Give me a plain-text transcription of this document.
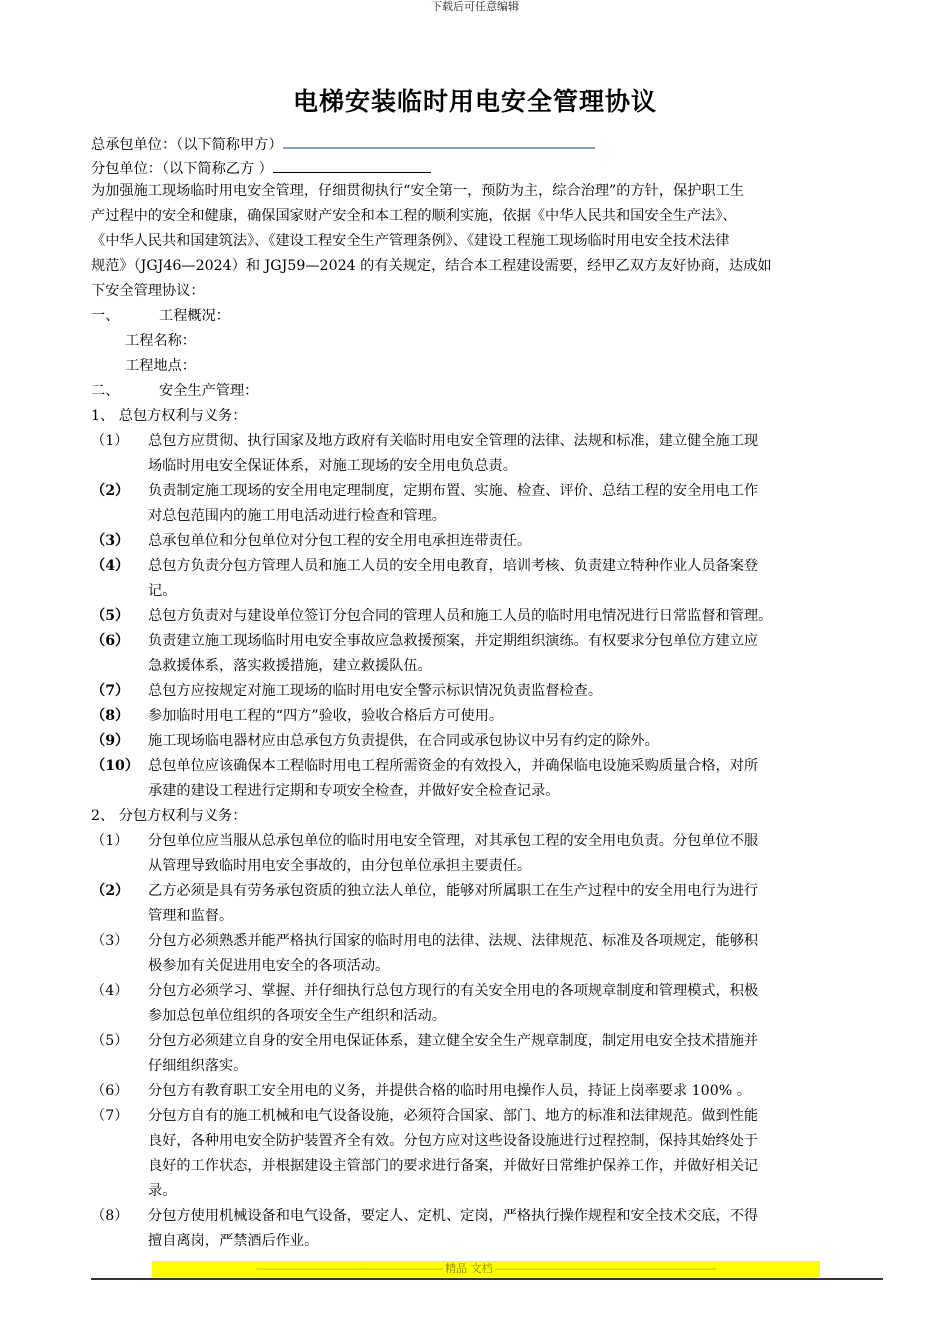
下载后可任意编辑
电梯安装临时用电安全管理协议
总承包单位：（以下简称甲方）
分包单位：（以下简称乙方 ）
为加强施工现场临时用电安全管理，仔细贯彻执行“安全第一，预防为主，综合治理”的方针，保护职工生
产过程中的安全和健康，确保国家财产安全和本工程的顺利实施，依据《中华人民共和国安全生产法》、
《中华人民共和国建筑法》、《建设工程安全生产管理条例》、《建设工程施工现场临时用电安全技术法律
规范》（JGJ46—2024）和 JGJ59—2024 的有关规定，结合本工程建设需要，经甲乙双方友好协商，达成如
下安全管理协议：
一、	工程概况：
工程名称：
工程地点：
二、	安全生产管理：
1、 总包方权利与义务：
（1）	总包方应贯彻、执行国家及地方政府有关临时用电安全管理的法律、法规和标准，建立健全施工现
场临时用电安全保证体系，对施工现场的安全用电负总责。
（2）	负责制定施工现场的安全用电定理制度，定期布置、实施、检查、评价、总结工程的安全用电工作
对总包范围内的施工用电活动进行检查和管理。
（3）	总承包单位和分包单位对分包工程的安全用电承担连带责任。
（4）	总包方负责分包方管理人员和施工人员的安全用电教育，培训考核、负责建立特种作业人员备案登
记。
（5）	总包方负责对与建设单位签订分包合同的管理人员和施工人员的临时用电情况进行日常监督和管理。
（6）	负责建立施工现场临时用电安全事故应急救援预案，并定期组织演练。有权要求分包单位方建立应
急救援体系，落实救援措施，建立救援队伍。
（7）	总包方应按规定对施工现场的临时用电安全警示标识情况负责监督检查。
（8）	参加临时用电工程的“四方”验收，验收合格后方可使用。
（9）	施工现场临电器材应由总承包方负责提供，在合同或承包协议中另有约定的除外。
（10） 总包单位应该确保本工程临时用电工程所需资金的有效投入，并确保临电设施采购质量合格，对所
承建的建设工程进行定期和专项安全检查，并做好安全检查记录。
2、 分包方权利与义务：
（1）	分包单位应当服从总承包单位的临时用电安全管理，对其承包工程的安全用电负责。分包单位不服
从管理导致临时用电安全事故的，由分包单位承担主要责任。
（2）	乙方必须是具有劳务承包资质的独立法人单位，能够对所属职工在生产过程中的安全用电行为进行
管理和监督。
（3）	分包方必须熟悉并能严格执行国家的临时用电的法律、法规、法律规范、标准及各项规定，能够积
极参加有关促进用电安全的各项活动。
（4）	分包方必须学习、掌握、并仔细执行总包方现行的有关安全用电的各项规章制度和管理模式，积极
参加总包单位组织的各项安全生产组织和活动。
（5）	分包方必须建立自身的安全用电保证体系，建立健全安全生产规章制度，制定用电安全技术措施并
仔细组织落实。
（6）	分包方有教育职工安全用电的义务，并提供合格的临时用电操作人员，持证上岗率要求 100% 。
（7）	分包方自有的施工机械和电气设备设施，必须符合国家、部门、地方的标准和法律规范。做到性能
良好，各种用电安全防护装置齐全有效。分包方应对这些设备设施进行过程控制，保持其始终处于
良好的工作状态，并根据建设主管部门的要求进行备案，并做好日常维护保养工作，并做好相关记
录。
（8）	分包方使用机械设备和电气设备，要定人、定机、定岗，严格执行操作规程和安全技术交底，不得
擅自离岗，严禁酒后作业。
------------------------------------------------------------ 精品 文档 -----------------------------------------------------------------------
